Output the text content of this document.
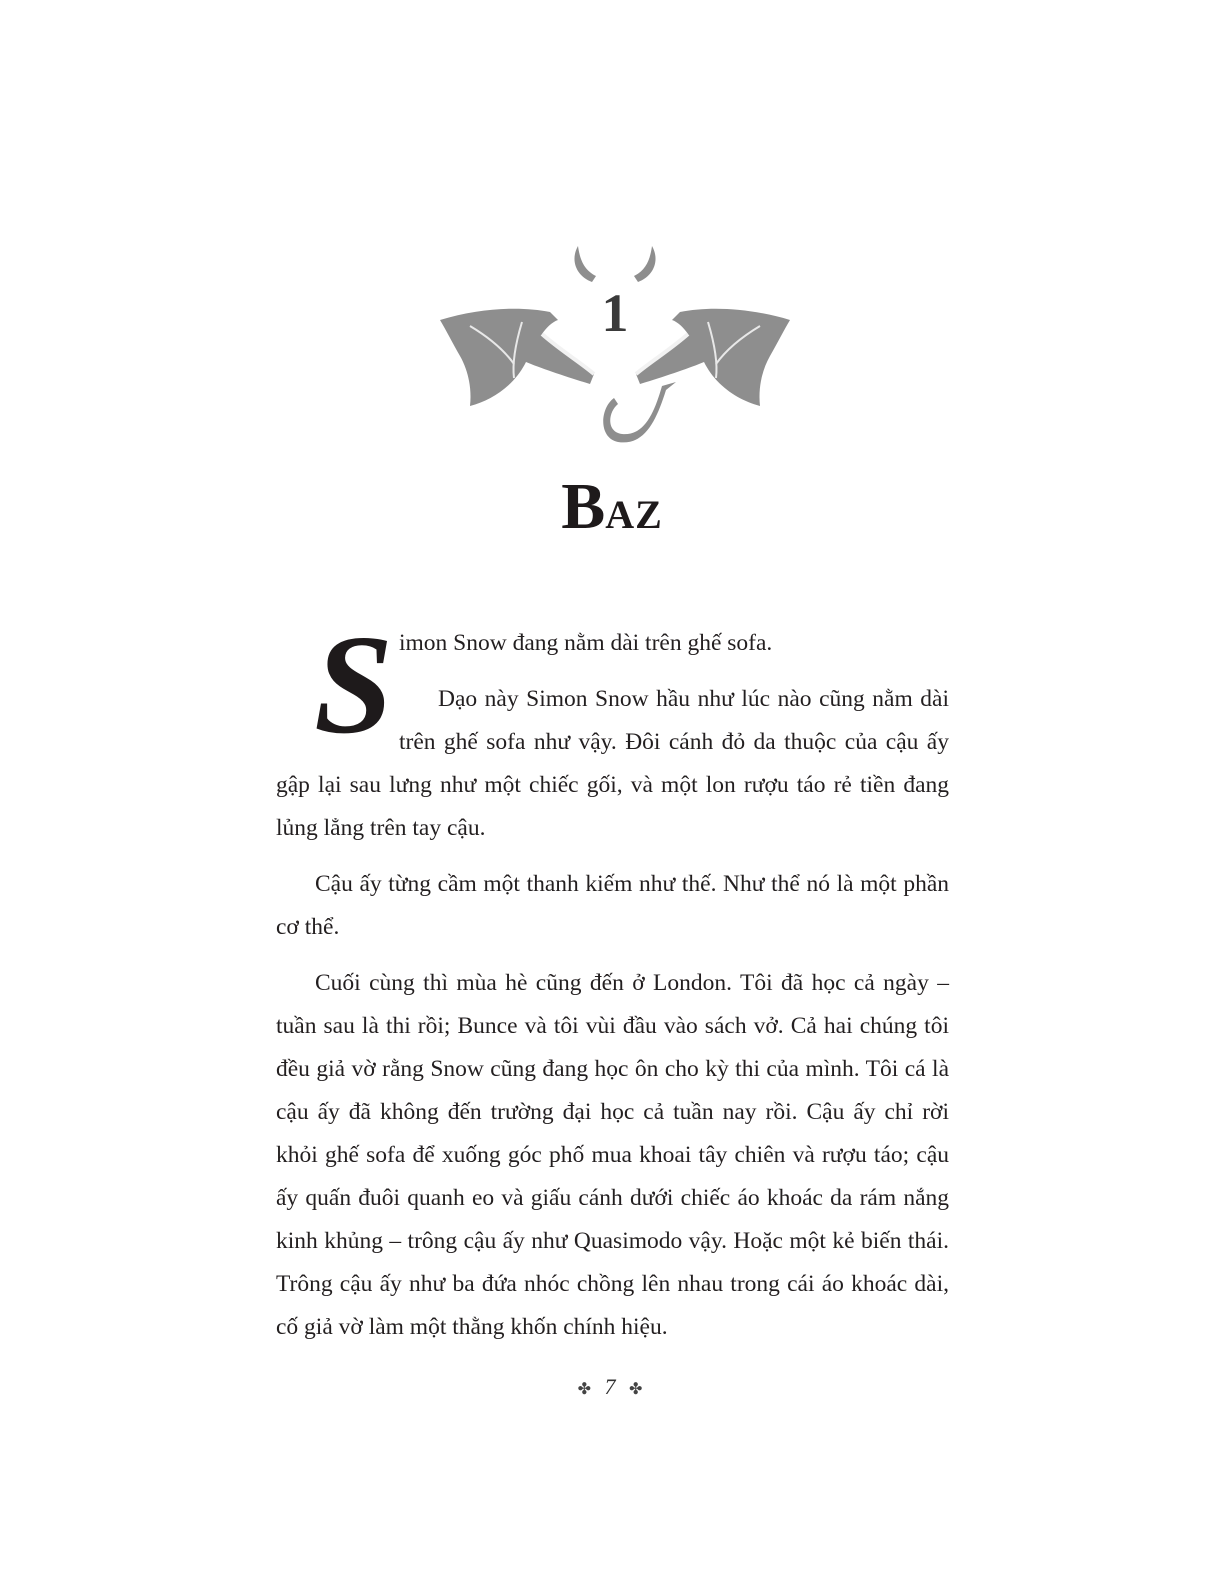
1
BAZ
S imon Snow đang nằm dài trên ghế sofa.

Dạo này Simon Snow hầu như lúc nào cũng nằm dài trên ghế sofa như vậy. Đôi cánh đỏ da thuộc của cậu ấy gập lại sau lưng như một chiếc gối, và một lon rượu táo rẻ tiền đang lủng lẳng trên tay cậu.

Cậu ấy từng cầm một thanh kiếm như thế. Như thể nó là một phần cơ thể.

Cuối cùng thì mùa hè cũng đến ở London. Tôi đã học cả ngày – tuần sau là thi rồi; Bunce và tôi vùi đầu vào sách vở. Cả hai chúng tôi đều giả vờ rằng Snow cũng đang học ôn cho kỳ thi của mình. Tôi cá là cậu ấy đã không đến trường đại học cả tuần nay rồi. Cậu ấy chỉ rời khỏi ghế sofa để xuống góc phố mua khoai tây chiên và rượu táo; cậu ấy quấn đuôi quanh eo và giấu cánh dưới chiếc áo khoác da rám nắng kinh khủng – trông cậu ấy như Quasimodo vậy. Hoặc một kẻ biến thái. Trông cậu ấy như ba đứa nhóc chồng lên nhau trong cái áo khoác dài, cố giả vờ làm một thằng khốn chính hiệu.

✤ 7 ✤
